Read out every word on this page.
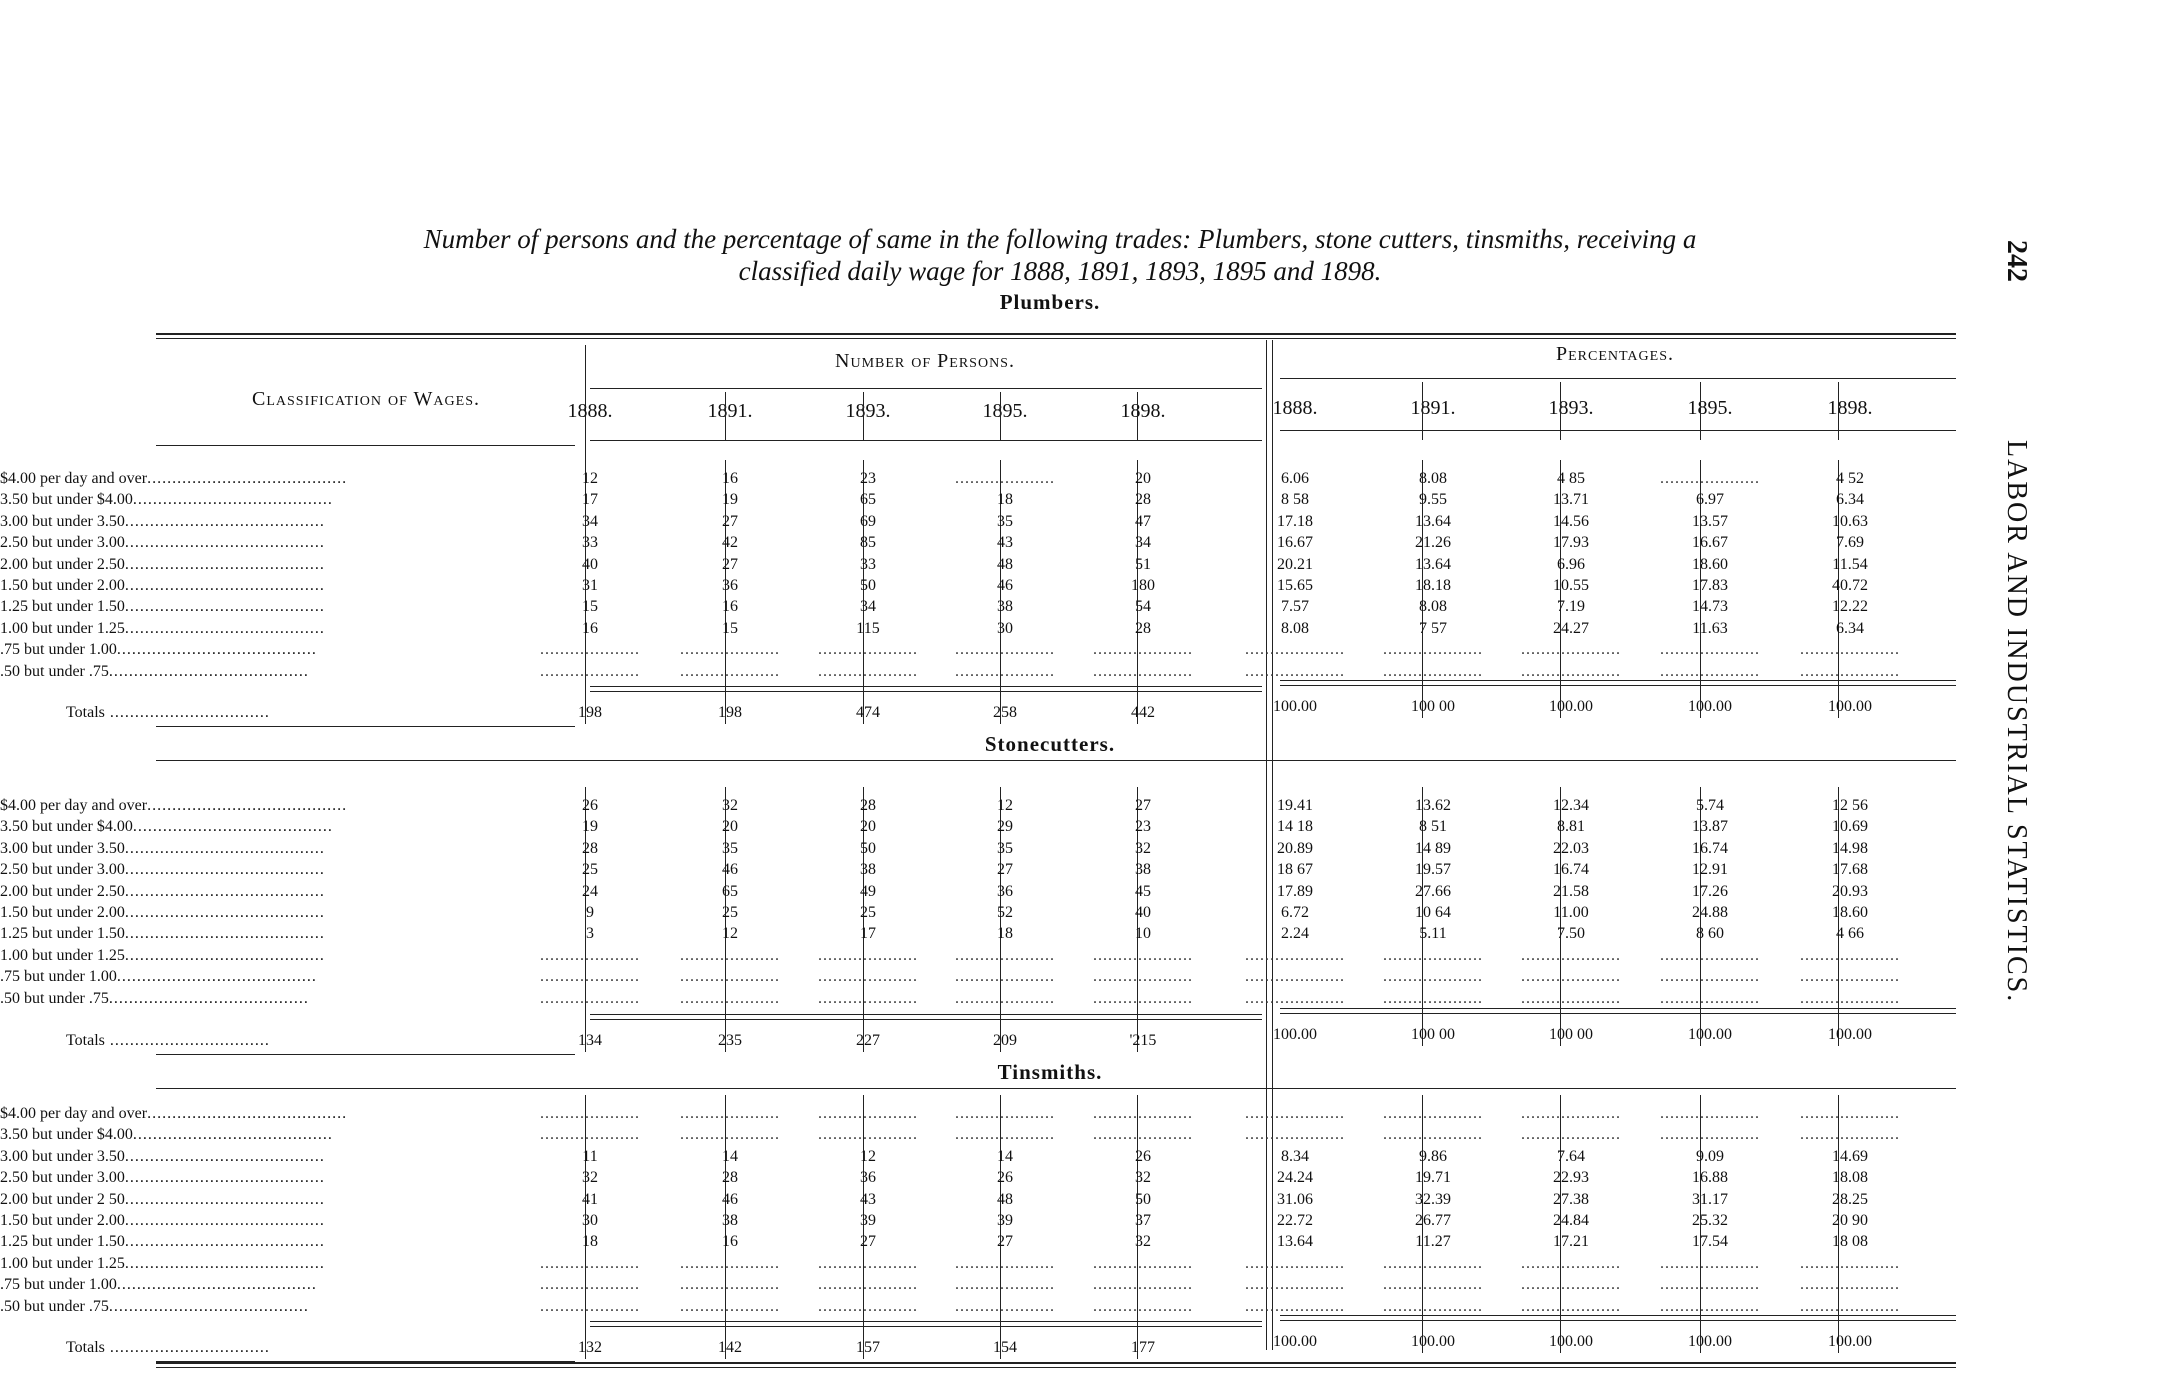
Number of persons and the percentage of same in the following trades: Plumbers, stone cutters, tinsmiths, receiving a
classified daily wage for 1888, 1891, 1893, 1895 and 1898.	242
LABOR AND INDUSTRIAL STATISTICS.
Classification of Wages.
Number of Persons.	Percentages.
1888.	1891.	1893.	1895.	1898.	1888.	1891.	1893.	1895.	1898.
Plumbers.
$4.00 per day and over........................................	12	16	23	....................	20	6.06	8.08	4 85	....................	4 52
3.50 but under $4.00........................................	17	19	65	18	28	8 58	9.55	13.71	6.97	6.34
3.00 but under 3.50........................................	34	27	69	35	47	17.18	13.64	14.56	13.57	10.63
2.50 but under 3.00........................................	33	42	85	43	34	16.67	21.26	17.93	16.67	7.69
2.00 but under 2.50........................................	40	27	33	48	51	20.21	13.64	6.96	18.60	11.54
1.50 but under 2.00........................................	31	36	50	46	180	15.65	18.18	10.55	17.83	40.72
1.25 but under 1.50........................................	15	16	34	38	54	7.57	8.08	7.19	14.73	12.22
1.00 but under 1.25........................................	16	15	115	30	28	8.08	7 57	24.27	11.63	6.34
.75 but under 1.00........................................	....................	....................	....................	....................	....................	....................	....................	....................	....................	....................
.50 but under .75........................................	....................	....................	....................	....................	....................	....................	....................	....................	....................	....................
Totals ................................	198	198	474	258	442	100.00	100 00	100.00	100.00	100.00
Stonecutters.
$4.00 per day and over........................................	26	32	28	12	27	19.41	13.62	12.34	5.74	12 56
3.50 but under $4.00........................................	19	20	20	29	23	14 18	8 51	8.81	13.87	10.69
3.00 but under 3.50........................................	28	35	50	35	32	20.89	14 89	22.03	16.74	14.98
2.50 but under 3.00........................................	25	46	38	27	38	18 67	19.57	16.74	12.91	17.68
2.00 but under 2.50........................................	24	65	49	36	45	17.89	27.66	21.58	17.26	20.93
1.50 but under 2.00........................................	9	25	25	52	40	6.72	10 64	11.00	24.88	18.60
1.25 but under 1.50........................................	3	12	17	18	10	2.24	5.11	7.50	8 60	4 66
1.00 but under 1.25........................................	....................	....................	....................	....................	....................	....................	....................	....................	....................	....................
.75 but under 1.00........................................	....................	....................	....................	....................	....................	....................	....................	....................	....................	....................
.50 but under .75........................................	....................	....................	....................	....................	....................	....................	....................	....................	....................	....................
Totals ................................	134	235	227	209	'215	100.00	100 00	100 00	100.00	100.00
Tinsmiths.
$4.00 per day and over........................................	....................	....................	....................	....................	....................	....................	....................	....................	....................	....................
3.50 but under $4.00........................................	....................	....................	....................	....................	....................	....................	....................	....................	....................	....................
3.00 but under 3.50........................................	11	14	12	14	26	8.34	9.86	7.64	9.09	14.69
2.50 but under 3.00........................................	32	28	36	26	32	24.24	19.71	22.93	16.88	18.08
2.00 but under 2 50........................................	41	46	43	48	50	31.06	32.39	27.38	31.17	28.25
1.50 but under 2.00........................................	30	38	39	39	37	22.72	26.77	24.84	25.32	20 90
1.25 but under 1.50........................................	18	16	27	27	32	13.64	11.27	17.21	17.54	18 08
1.00 but under 1.25........................................	....................	....................	....................	....................	....................	....................	....................	....................	....................	....................
.75 but under 1.00........................................	....................	....................	....................	....................	....................	....................	....................	....................	....................	....................
.50 but under .75........................................	....................	....................	....................	....................	....................	....................	....................	....................	....................	....................
Totals ................................	132	142	157	154	177	100.00	100.00	100.00	100.00	100.00
